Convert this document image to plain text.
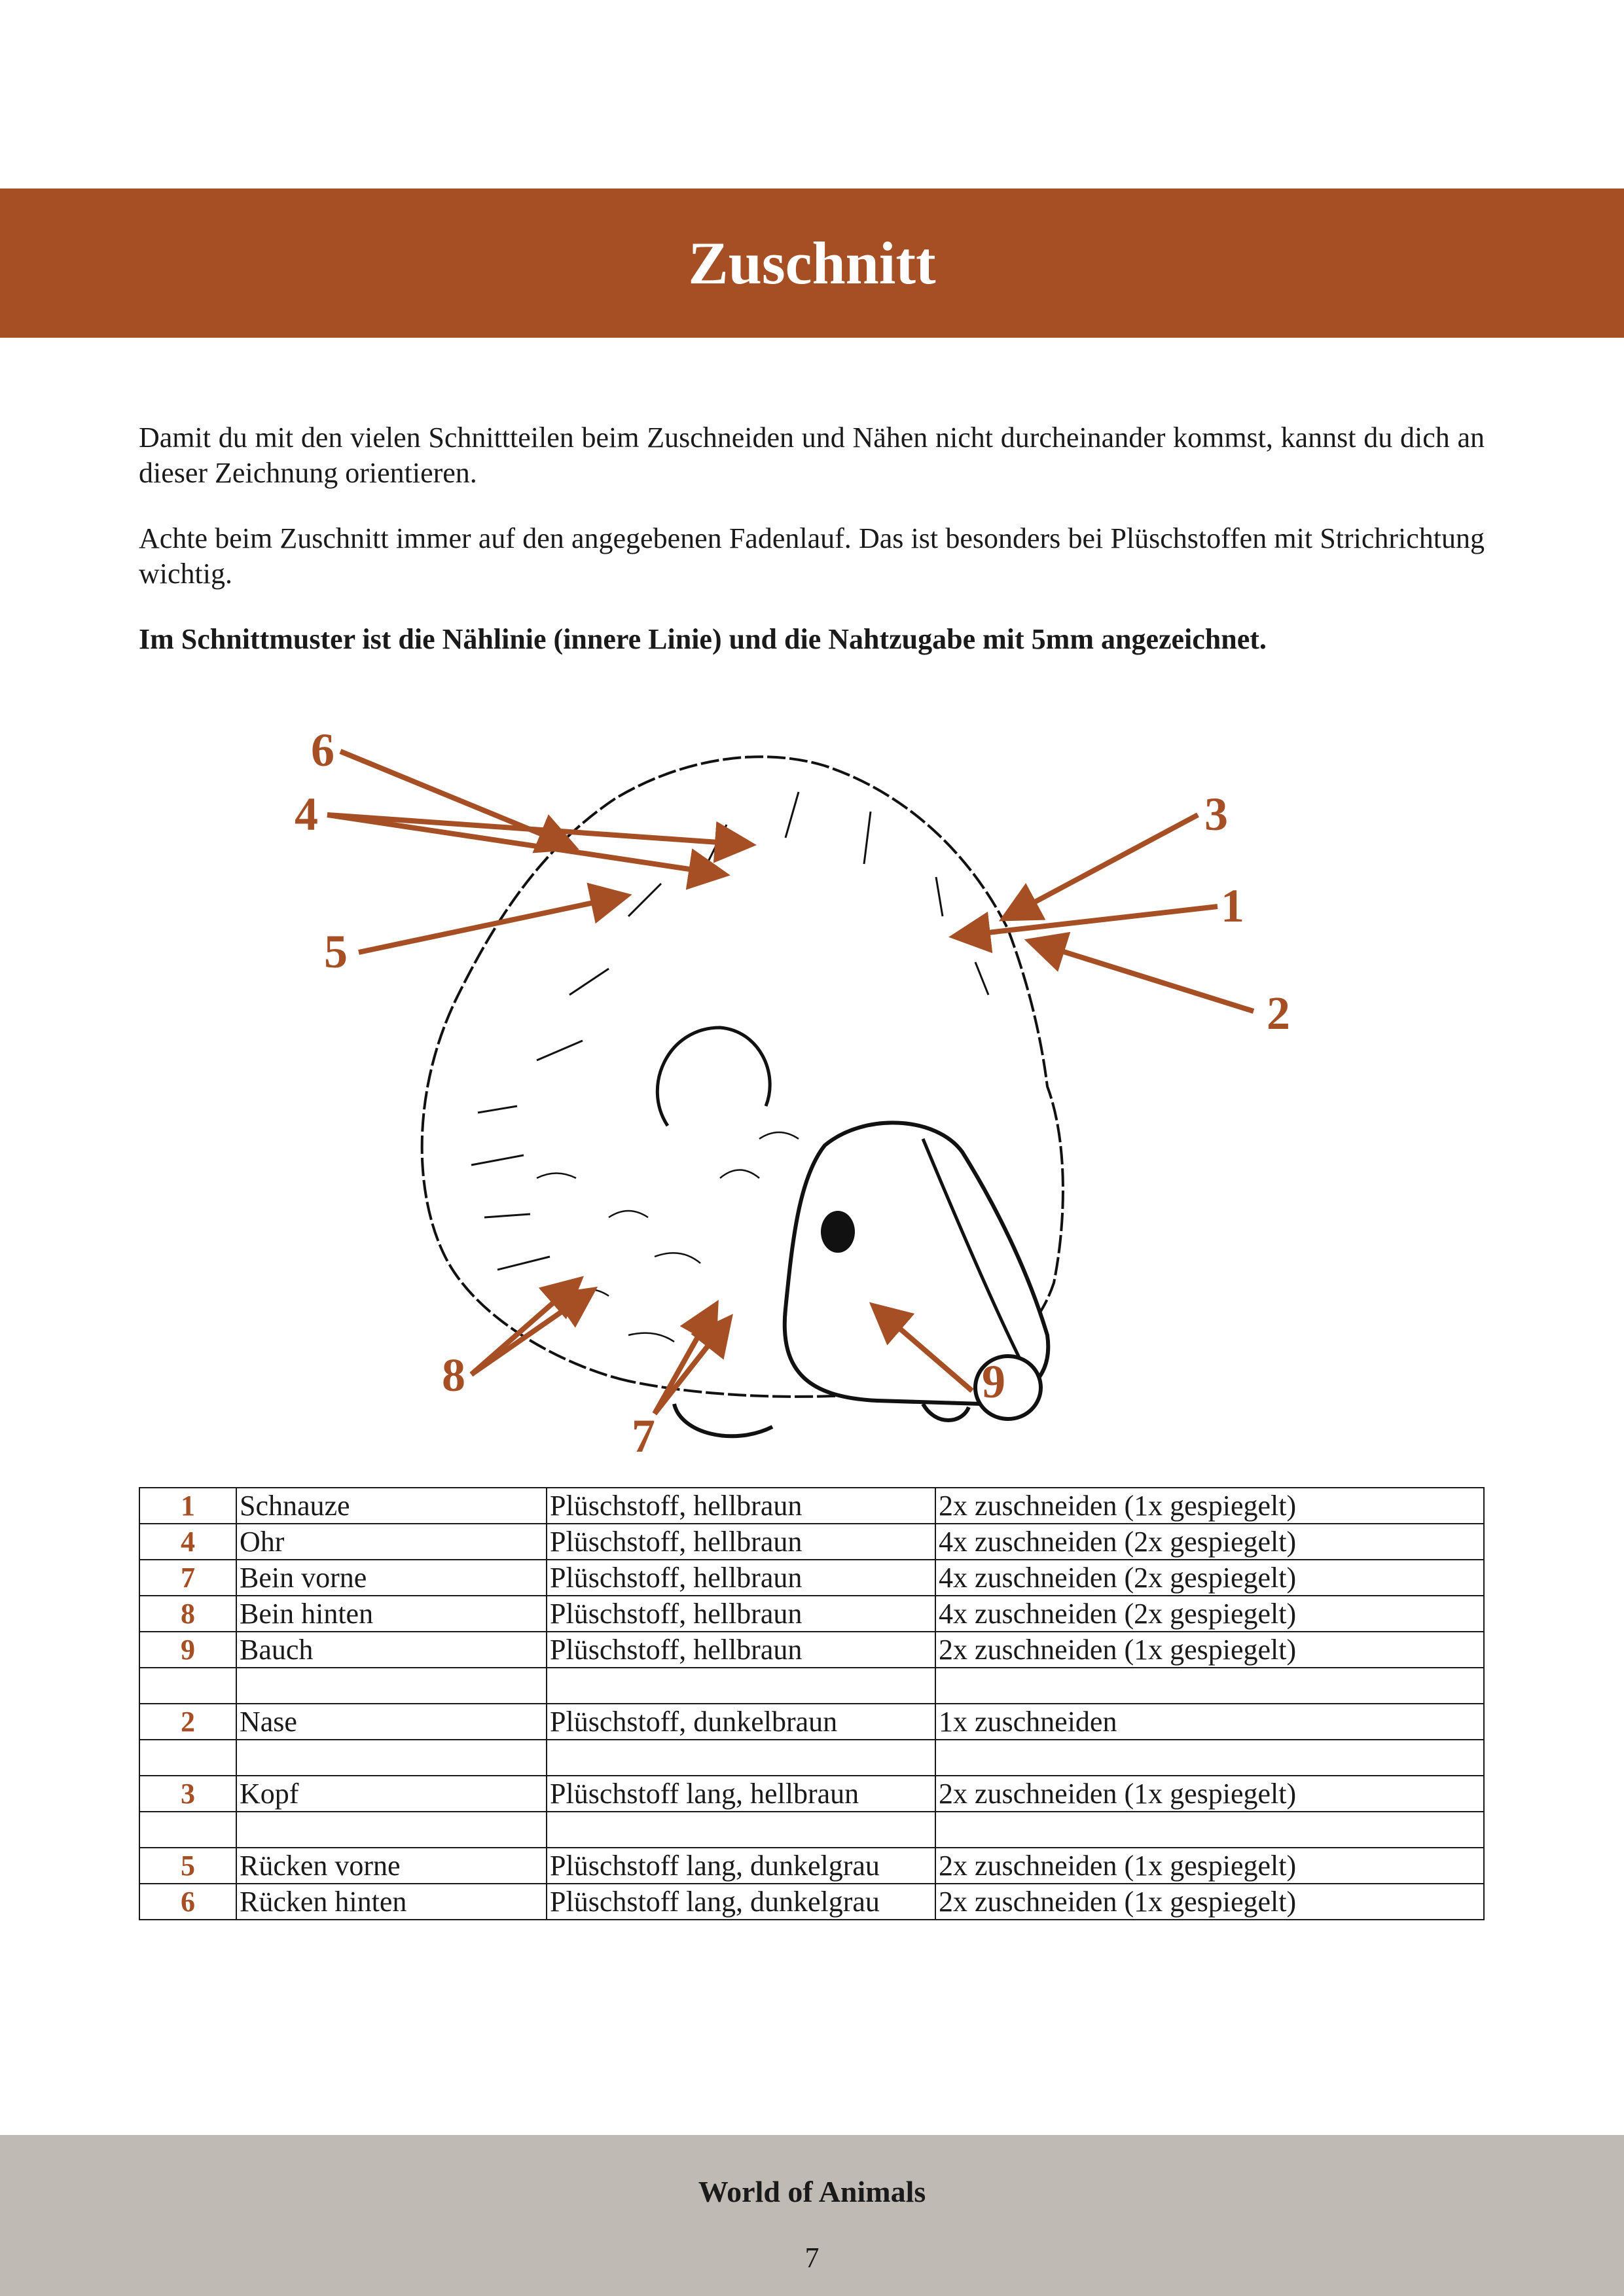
Zuschnitt

Damit du mit den vielen Schnittteilen beim Zuschneiden und Nähen nicht durcheinander kommst, kannst du dich an dieser Zeichnung orientieren.

Achte beim Zuschnitt immer auf den angegebenen Fadenlauf. Das ist besonders bei Plüschstoffen mit Strichrichtung wichtig.

Im Schnittmuster ist die Nählinie (innere Linie) und die Nahtzugabe mit 5mm angezeichnet.

6
4	3
1
5
2
8
7
9
1	Schnauze	Plüschstoff, hellbraun	2x zuschneiden (1x gespiegelt)
4	Ohr	Plüschstoff, hellbraun	4x zuschneiden (2x gespiegelt)
7	Bein vorne	Plüschstoff, hellbraun	4x zuschneiden (2x gespiegelt)
8	Bein hinten	Plüschstoff, hellbraun	4x zuschneiden (2x gespiegelt)
9	Bauch	Plüschstoff, hellbraun	2x zuschneiden (1x gespiegelt)

2	Nase	Plüschstoff, dunkelbraun	1x zuschneiden

3	Kopf	Plüschstoff lang, hellbraun	2x zuschneiden (1x gespiegelt)

5	Rücken vorne	Plüschstoff lang, dunkelgrau	2x zuschneiden (1x gespiegelt)
6	Rücken hinten	Plüschstoff lang, dunkelgrau	2x zuschneiden (1x gespiegelt)
World of Animals
7
